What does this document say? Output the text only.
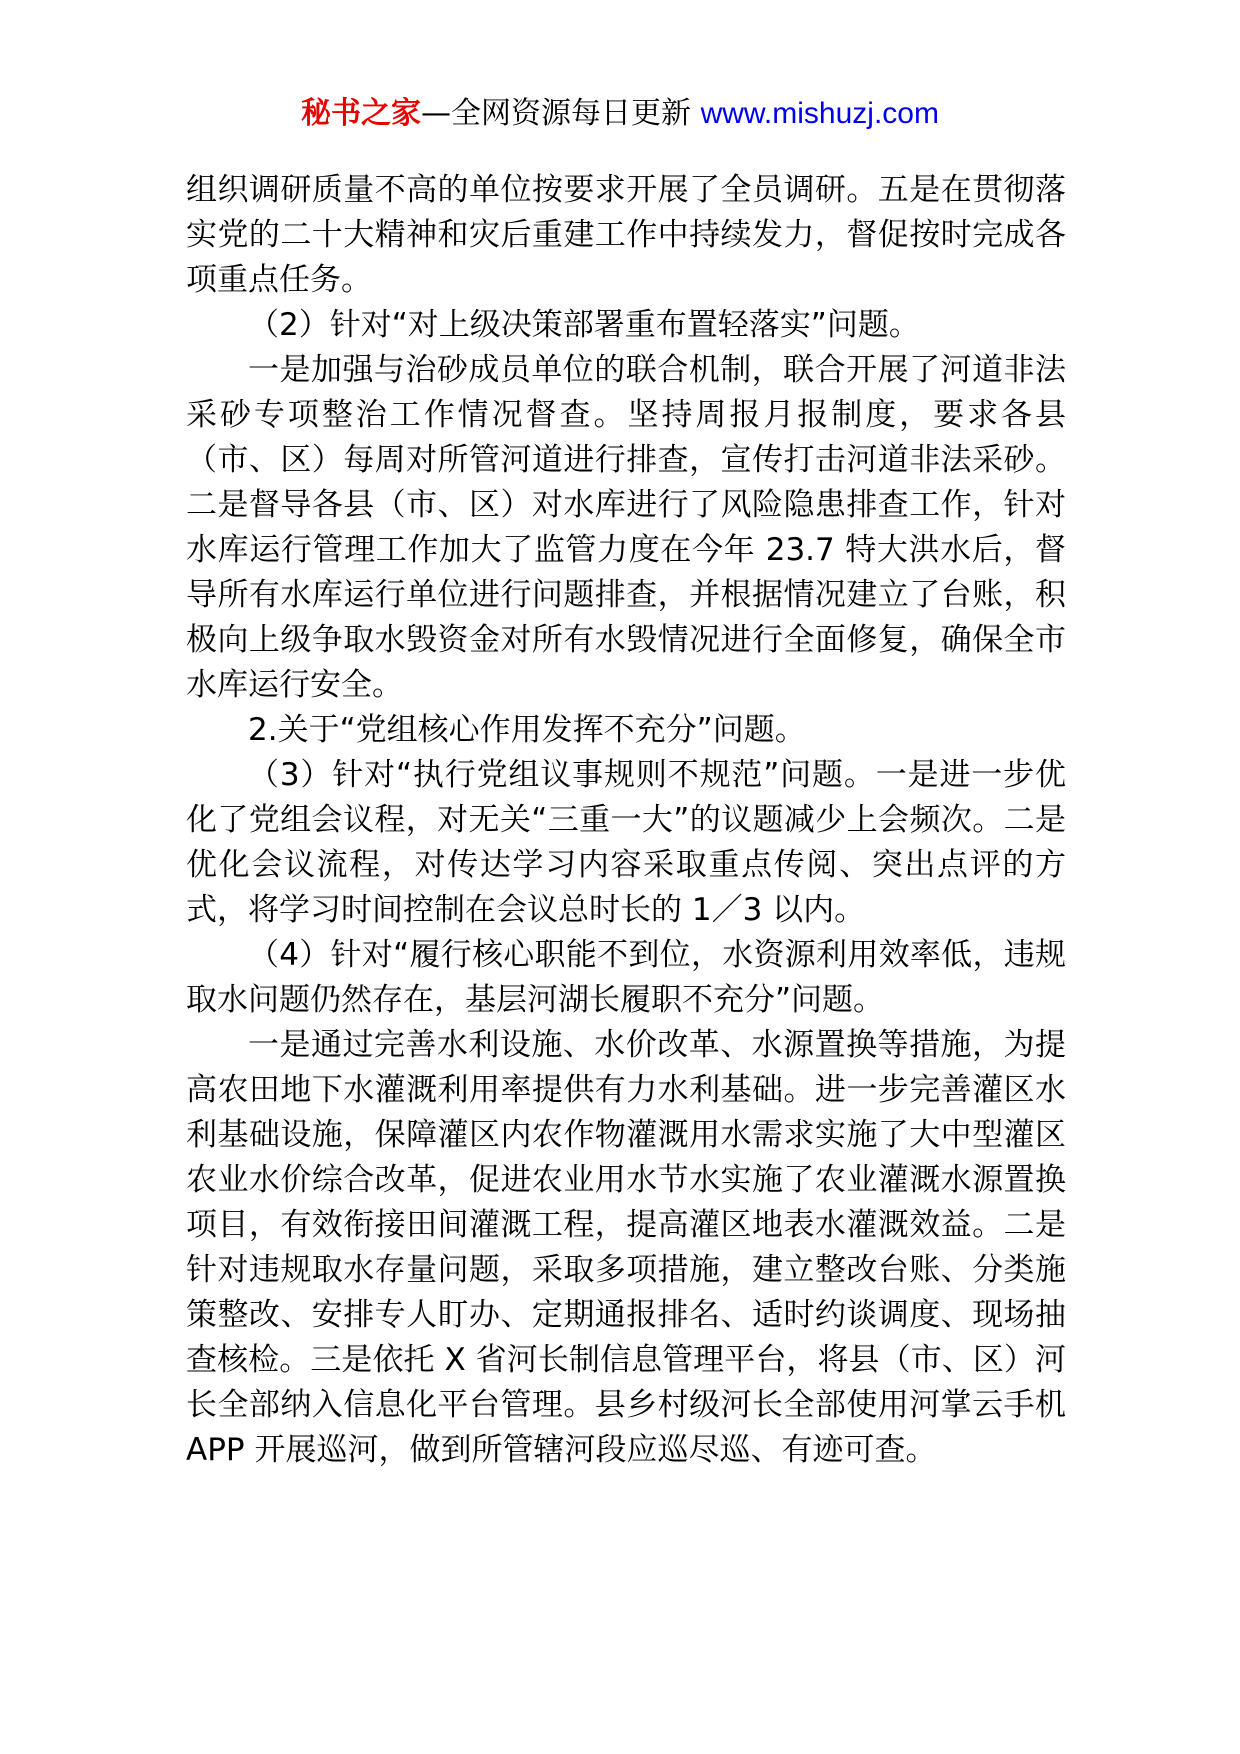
秘书之家—全网资源每日更新 www.mishuzj.com

组织调研质量不高的单位按要求开展了全员调研。五是在贯彻落实党的二十大精神和灾后重建工作中持续发力，督促按时完成各项重点任务。

（2）针对“对上级决策部署重布置轻落实”问题。

一是加强与治砂成员单位的联合机制，联合开展了河道非法采砂专项整治工作情况督查。坚持周报月报制度，要求各县（市、区）每周对所管河道进行排查，宣传打击河道非法采砂。二是督导各县（市、区）对水库进行了风险隐患排查工作，针对水库运行管理工作加大了监管力度在今年 23.7 特大洪水后，督导所有水库运行单位进行问题排查，并根据情况建立了台账，积极向上级争取水毁资金对所有水毁情况进行全面修复，确保全市水库运行安全。

2.关于“党组核心作用发挥不充分”问题。

（3）针对“执行党组议事规则不规范”问题。一是进一步优化了党组会议程，对无关“三重一大”的议题减少上会频次。二是优化会议流程，对传达学习内容采取重点传阅、突出点评的方式，将学习时间控制在会议总时长的 1／3 以内。

（4）针对“履行核心职能不到位，水资源利用效率低，违规取水问题仍然存在，基层河湖长履职不充分”问题。

一是通过完善水利设施、水价改革、水源置换等措施，为提高农田地下水灌溉利用率提供有力水利基础。进一步完善灌区水利基础设施，保障灌区内农作物灌溉用水需求实施了大中型灌区农业水价综合改革，促进农业用水节水实施了农业灌溉水源置换项目，有效衔接田间灌溉工程，提高灌区地表水灌溉效益。二是针对违规取水存量问题，采取多项措施，建立整改台账、分类施策整改、安排专人盯办、定期通报排名、适时约谈调度、现场抽查核检。三是依托 X 省河长制信息管理平台，将县（市、区）河长全部纳入信息化平台管理。县乡村级河长全部使用河掌云手机 APP 开展巡河，做到所管辖河段应巡尽巡、有迹可查。
